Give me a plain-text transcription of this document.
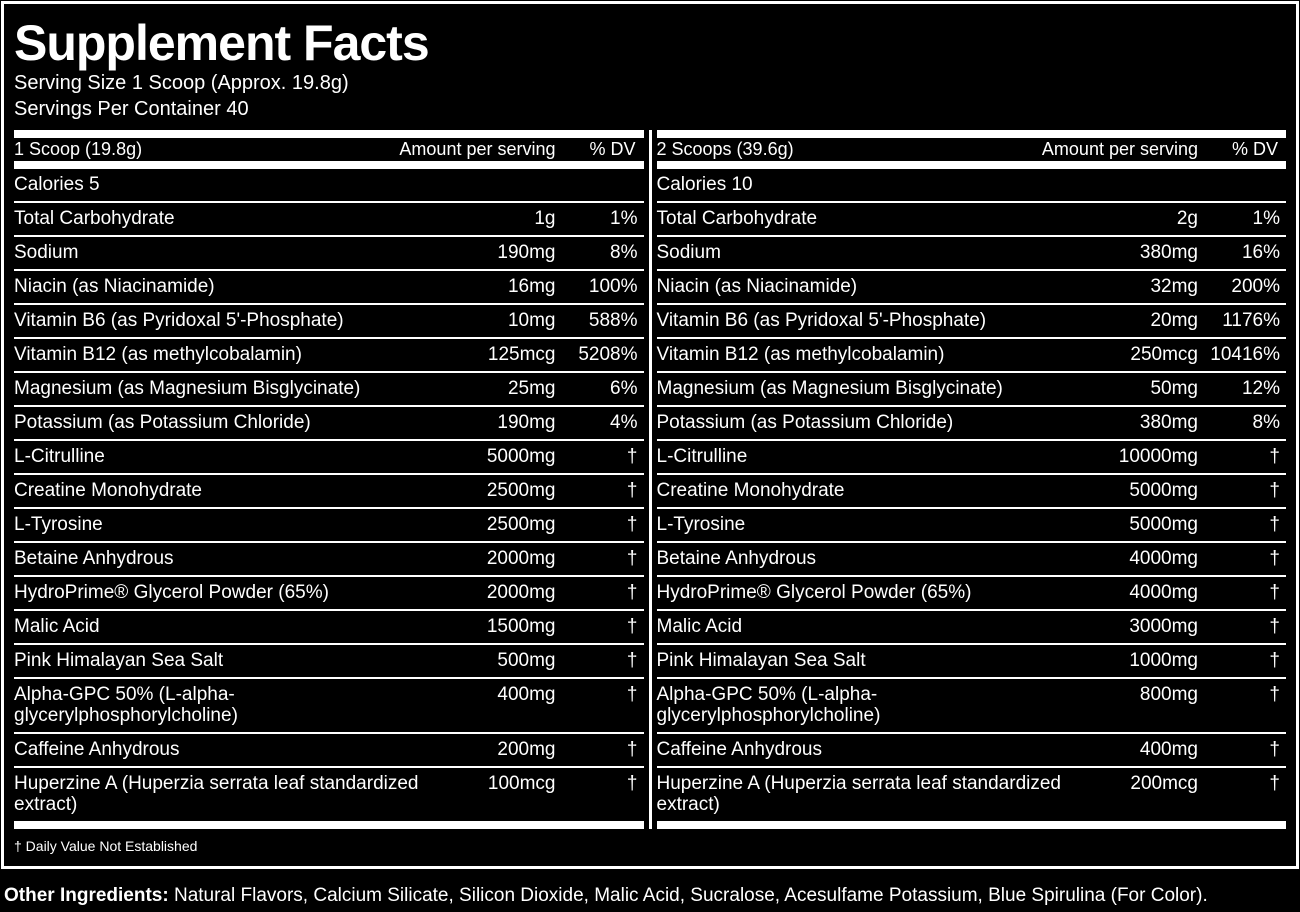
Supplement Facts
Serving Size 1 Scoop (Approx. 19.8g)
Servings Per Container 40
1 Scoop (19.8g)	Amount per serving	% DV
Calories 5
Total Carbohydrate	1g	1%
Sodium	190mg	8%
Niacin (as Niacinamide)	16mg	100%
Vitamin B6 (as Pyridoxal 5'-Phosphate)	10mg	588%
Vitamin B12 (as methylcobalamin)	125mcg	5208%
Magnesium (as Magnesium Bisglycinate)	25mg	6%
Potassium (as Potassium Chloride)	190mg	4%
L-Citrulline	5000mg	†
Creatine Monohydrate	2500mg	†
L-Tyrosine	2500mg	†
Betaine Anhydrous	2000mg	†
HydroPrime® Glycerol Powder (65%)	2000mg	†
Malic Acid	1500mg	†
Pink Himalayan Sea Salt	500mg	†
Alpha-GPC 50% (L-alpha-glycerylphosphorylcholine)
400mg	†
Caffeine Anhydrous	200mg	†
Huperzine A (Huperzia serrata leaf standardized extract)
100mcg	†
2 Scoops (39.6g)	Amount per serving	% DV
Calories 10
Total Carbohydrate	2g	1%
Sodium	380mg	16%
Niacin (as Niacinamide)	32mg	200%
Vitamin B6 (as Pyridoxal 5'-Phosphate)	20mg	1176%
Vitamin B12 (as methylcobalamin)	250mcg 10416%
Magnesium (as Magnesium Bisglycinate)	50mg	12%
Potassium (as Potassium Chloride)	380mg	8%
L-Citrulline	10000mg	†
Creatine Monohydrate	5000mg	†
L-Tyrosine	5000mg	†
Betaine Anhydrous	4000mg	†
HydroPrime® Glycerol Powder (65%)	4000mg	†
Malic Acid	3000mg	†
Pink Himalayan Sea Salt	1000mg	†
Alpha-GPC 50% (L-alpha-glycerylphosphorylcholine)
800mg	†
Caffeine Anhydrous	400mg	†
Huperzine A (Huperzia serrata leaf standardized extract)
200mcg	†
† Daily Value Not Established

Other Ingredients: Natural Flavors, Calcium Silicate, Silicon Dioxide, Malic Acid, Sucralose, Acesulfame Potassium, Blue Spirulina (For Color).
